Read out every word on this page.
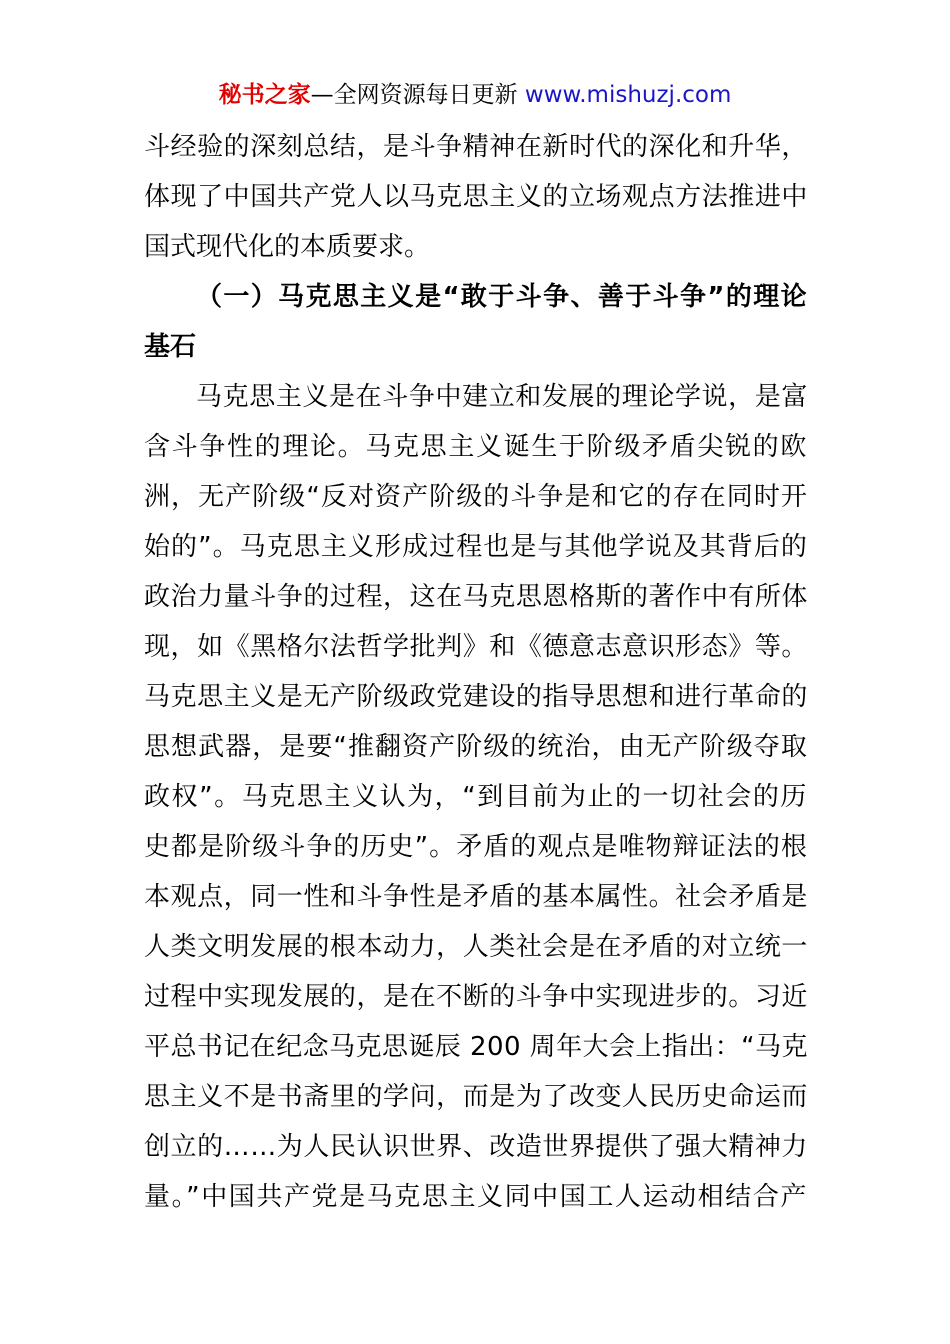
秘书之家—全网资源每日更新 www.mishuzj.com
斗经验的深刻总结，是斗争精神在新时代的深化和升华，
体现了中国共产党人以马克思主义的立场观点方法推进中
国式现代化的本质要求。
（一）马克思主义是“敢于斗争、善于斗争”的理论
基石
马克思主义是在斗争中建立和发展的理论学说，是富
含斗争性的理论。马克思主义诞生于阶级矛盾尖锐的欧
洲，无产阶级“反对资产阶级的斗争是和它的存在同时开
始的”。马克思主义形成过程也是与其他学说及其背后的
政治力量斗争的过程，这在马克思恩格斯的著作中有所体
现，如《黑格尔法哲学批判》和《德意志意识形态》等。
马克思主义是无产阶级政党建设的指导思想和进行革命的
思想武器，是要“推翻资产阶级的统治，由无产阶级夺取
政权”。马克思主义认为，“到目前为止的一切社会的历
史都是阶级斗争的历史”。矛盾的观点是唯物辩证法的根
本观点，同一性和斗争性是矛盾的基本属性。社会矛盾是
人类文明发展的根本动力，人类社会是在矛盾的对立统一
过程中实现发展的，是在不断的斗争中实现进步的。习近
平总书记在纪念马克思诞辰 200 周年大会上指出：“马克
思主义不是书斋里的学问，而是为了改变人民历史命运而
创立的……为人民认识世界、改造世界提供了强大精神力
量。”中国共产党是马克思主义同中国工人运动相结合产
